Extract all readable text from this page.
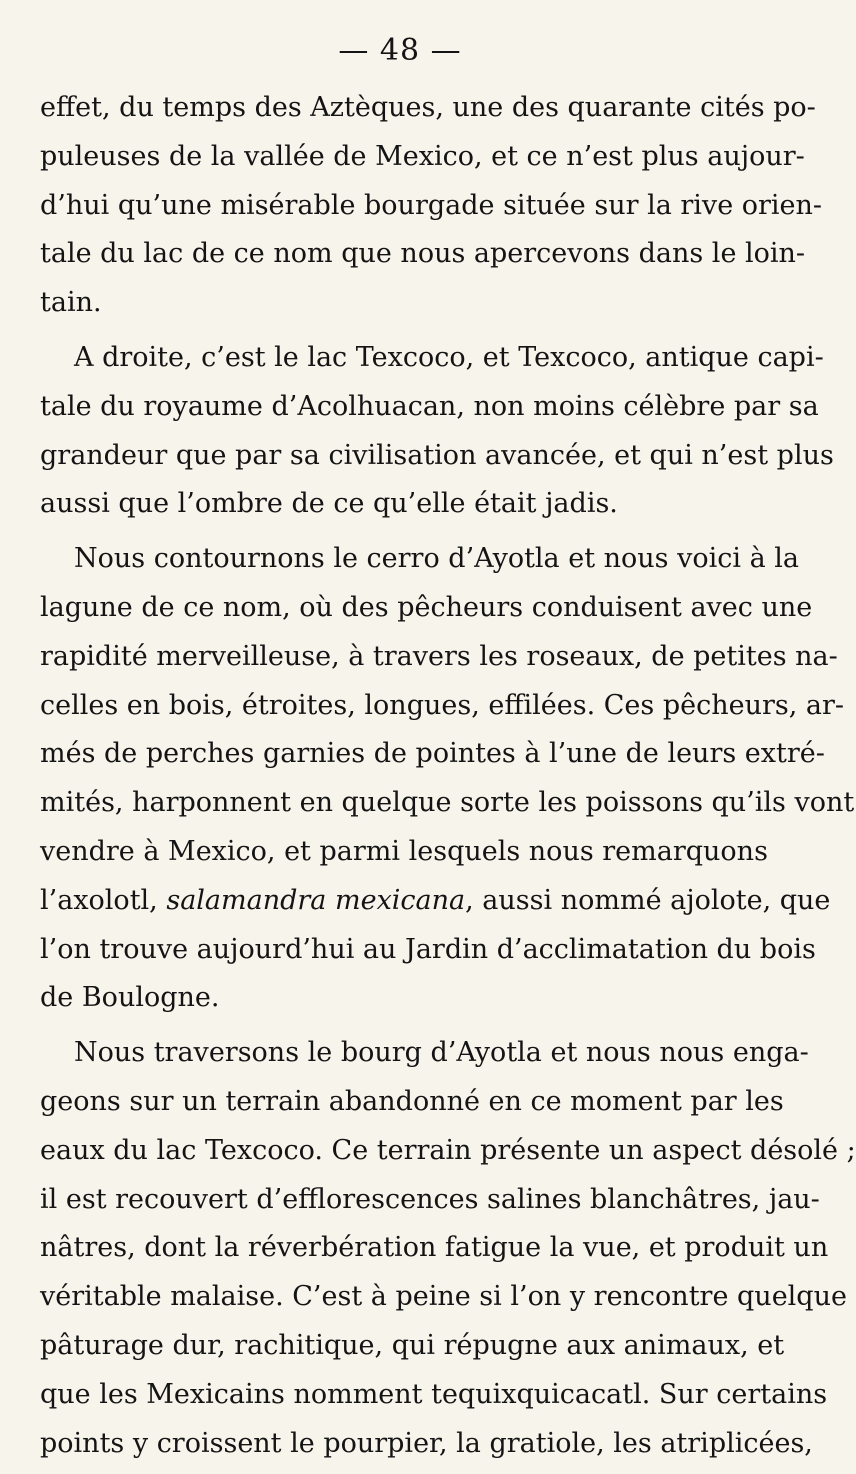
— 48 —
effet, du temps des Aztèques, une des quarante cités po-
puleuses de la vallée de Mexico, et ce n’est plus aujour-
d’hui qu’une misérable bourgade située sur la rive orien-
tale du lac de ce nom que nous apercevons dans le loin-
tain.
A droite, c’est le lac Texcoco, et Texcoco, antique capi-
tale du royaume d’Acolhuacan, non moins célèbre par sa
grandeur que par sa civilisation avancée, et qui n’est plus
aussi que l’ombre de ce qu’elle était jadis.
Nous contournons le cerro d’Ayotla et nous voici à la
lagune de ce nom, où des pêcheurs conduisent avec une
rapidité merveilleuse, à travers les roseaux, de petites na-
celles en bois, étroites, longues, effilées. Ces pêcheurs, ar-
més de perches garnies de pointes à l’une de leurs extré-
mités, harponnent en quelque sorte les poissons qu’ils vont
vendre à Mexico, et parmi lesquels nous remarquons
l’axolotl, salamandra mexicana, aussi nommé ajolote, que
l’on trouve aujourd’hui au Jardin d’acclimatation du bois
de Boulogne.
Nous traversons le bourg d’Ayotla et nous nous enga-
geons sur un terrain abandonné en ce moment par les
eaux du lac Texcoco. Ce terrain présente un aspect désolé ;
il est recouvert d’efflorescences salines blanchâtres, jau-
nâtres, dont la réverbération fatigue la vue, et produit un
véritable malaise. C’est à peine si l’on y rencontre quelque
pâturage dur, rachitique, qui répugne aux animaux, et
que les Mexicains nomment tequixquicacatl. Sur certains
points y croissent le pourpier, la gratiole, les atriplicées,
